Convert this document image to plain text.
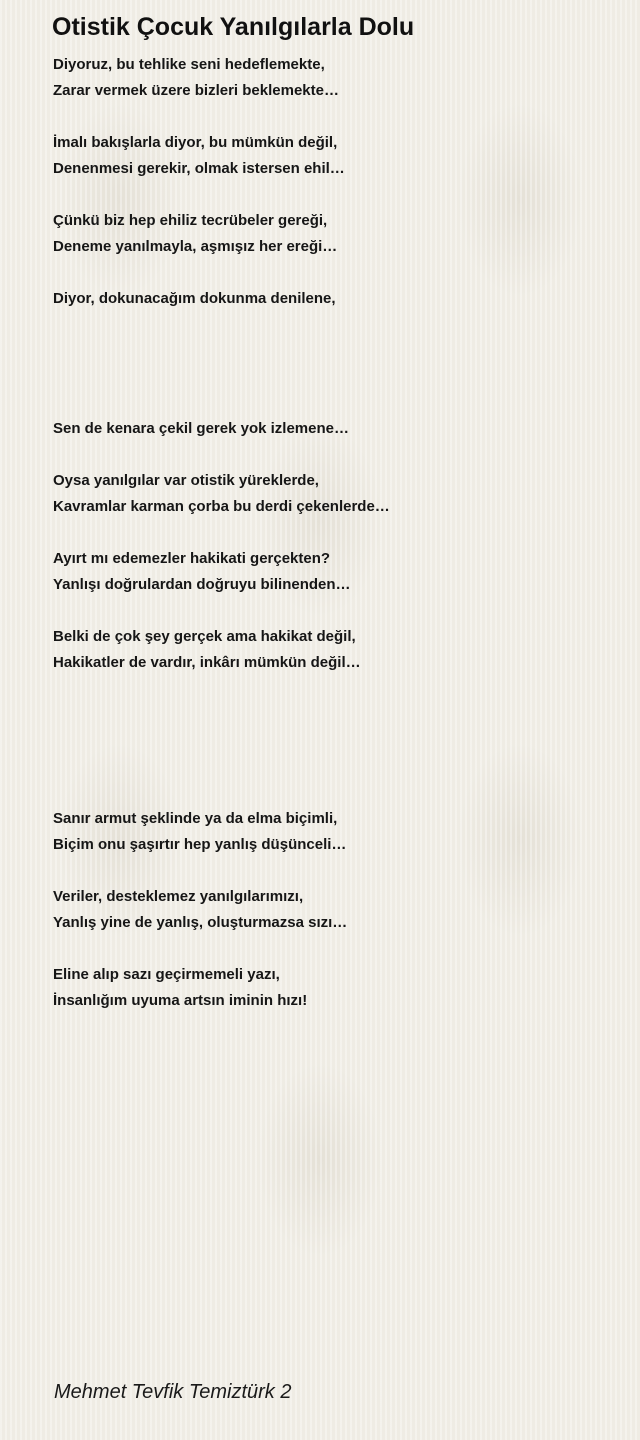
Otistik Çocuk Yanılgılarla Dolu
Diyoruz, bu tehlike seni hedeflemekte,
Zarar vermek üzere bizleri beklemekte…
İmalı bakışlarla diyor, bu mümkün değil,
Denenmesi gerekir, olmak istersen ehil…
Çünkü biz hep ehiliz tecrübeler gereği,
Deneme yanılmayla, aşmışız her ereği…
Diyor, dokunacağım dokunma denilene,
Sen de kenara çekil gerek yok izlemene…
Oysa yanılgılar var otistik yüreklerde,
Kavramlar karman çorba bu derdi çekenlerde…
Ayırt mı edemezler hakikati gerçekten?
Yanlışı doğrulardan doğruyu bilinenden…
Belki de çok şey gerçek ama hakikat değil,
Hakikatler de vardır, inkârı mümkün değil…
Sanır armut şeklinde ya da elma biçimli,
Biçim onu şaşırtır hep yanlış düşünceli…
Veriler, desteklemez yanılgılarımızı,
Yanlış yine de yanlış, oluşturmazsa sızı…
Eline alıp sazı geçirmemeli yazı,
İnsanlığım uyuma artsın iminin hızı!
Mehmet Tevfik Temiztürk 2
